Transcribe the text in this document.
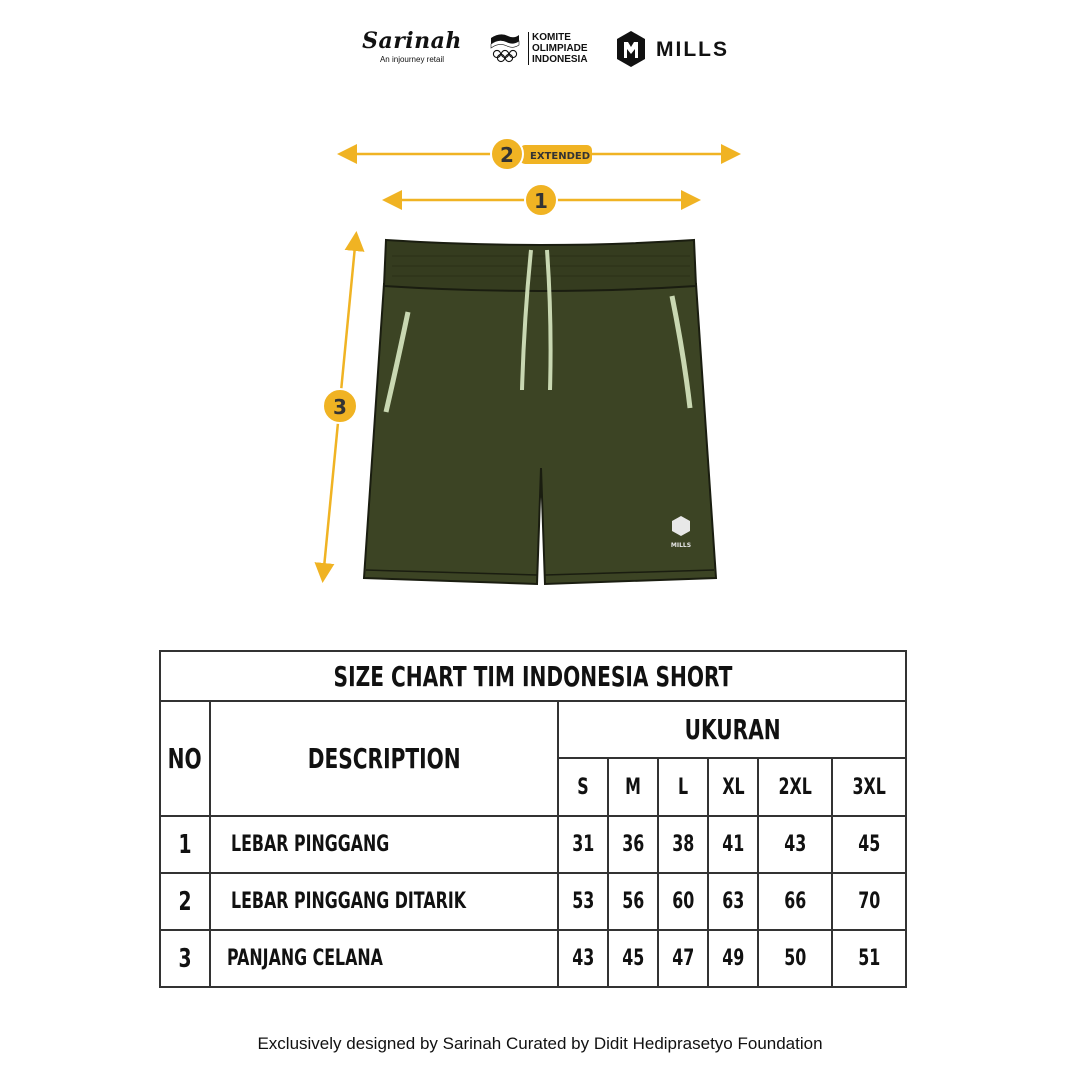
Sarinah
An injourney retail
KOMITE
OLIMPIADE
INDONESIA	MILLS
2 EXTENDED
1
3
MILLS
SIZE CHART TIM INDONESIA SHORT							
NO	DESCRIPTION	UKURAN					
		S	M	L	XL	2XL	3XL
1	LEBAR PINGGANG	31	36	38	41	43	45
2	LEBAR PINGGANG DITARIK	53	56	60	63	66	70
3	PANJANG CELANA	43	45	47	49	50	51
Exclusively designed by Sarinah Curated by Didit Hediprasetyo Foundation
